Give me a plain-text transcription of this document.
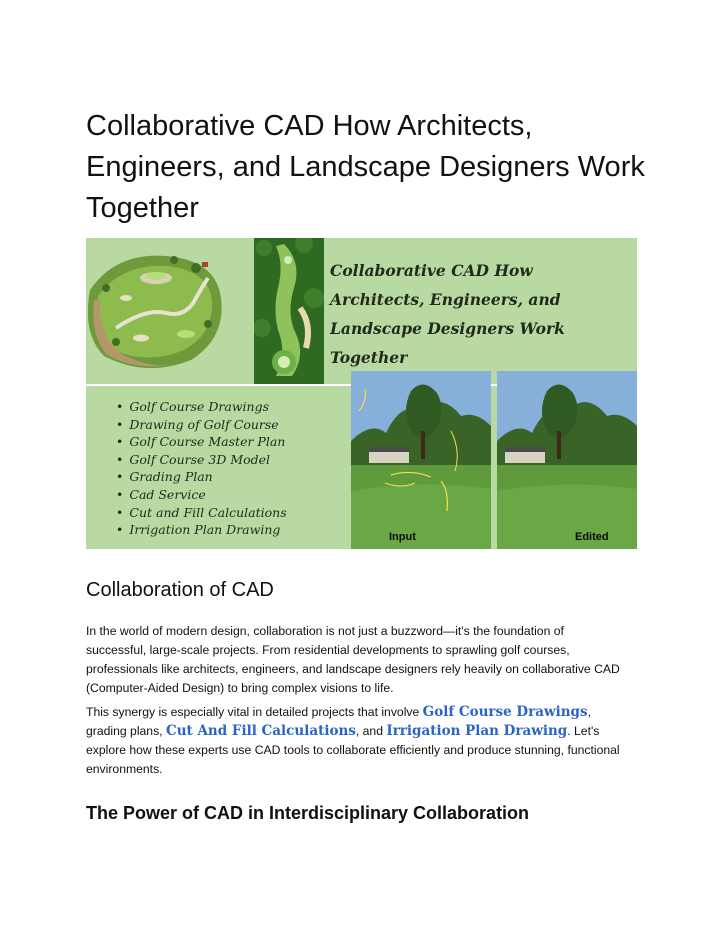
Collaborative CAD How Architects, Engineers, and Landscape Designers Work Together
Collaborative CAD How Architects, Engineers, and Landscape Designers Work Together
• Golf Course Drawings
• Drawing of Golf Course
• Golf Course Master Plan
• Golf Course 3D Model
• Grading Plan
• Cad Service
• Cut and Fill Calculations
• Irrigation Plan Drawing	Input	Edited
Collaboration of CAD

In the world of modern design, collaboration is not just a buzzword—it's the foundation of successful, large-scale projects. From residential developments to sprawling golf courses, professionals like architects, engineers, and landscape designers rely heavily on collaborative CAD (Computer-Aided Design) to bring complex visions to life.

This synergy is especially vital in detailed projects that involve Golf Course Drawings, grading plans, Cut And Fill Calculations, and Irrigation Plan Drawing. Let's explore how these experts use CAD tools to collaborate efficiently and produce stunning, functional environments.

The Power of CAD in Interdisciplinary Collaboration
